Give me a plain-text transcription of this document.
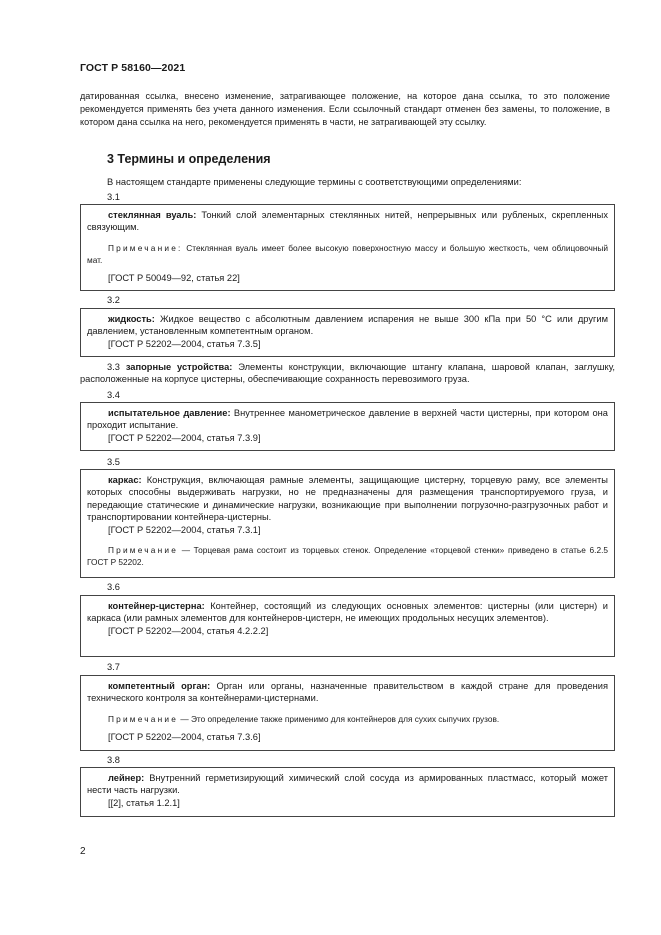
ГОСТ Р 58160—2021
датированная ссылка, внесено изменение, затрагивающее положение, на которое дана ссылка, то это положение рекомендуется применять без учета данного изменения. Если ссылочный стандарт отменен без замены, то положение, в котором дана ссылка на него, рекомендуется применять в части, не затрагивающей эту ссылку.
3 Термины и определения
В настоящем стандарте применены следующие термины с соответствующими определениями:
3.1

стеклянная вуаль: Тонкий слой элементарных стеклянных нитей, непрерывных или рубленых, скрепленных связующим.

Примечание: Стеклянная вуаль имеет более высокую поверхностную массу и большую жесткость, чем облицовочный мат.

[ГОСТ Р 50049—92, статья 22]

3.2

жидкость: Жидкое вещество с абсолютным давлением испарения не выше 300 кПа при 50 °С или другим давлением, установленным компетентным органом.

[ГОСТ Р 52202—2004, статья 7.3.5]

3.3 запорные устройства: Элементы конструкции, включающие штангу клапана, шаровой клапан, заглушку, расположенные на корпусе цистерны, обеспечивающие сохранность перевозимого груза.

3.4

испытательное давление: Внутреннее манометрическое давление в верхней части цистерны, при котором она проходит испытание.

[ГОСТ Р 52202—2004, статья 7.3.9]

3.5

каркас: Конструкция, включающая рамные элементы, защищающие цистерну, торцевую раму, все элементы которых способны выдерживать нагрузки, но не предназначены для размещения транспортируемого груза, и передающие статические и динамические нагрузки, возникающие при выполнении погрузочно-разгрузочных работ и транспортировании контейнера-цистерны.

[ГОСТ Р 52202—2004, статья 7.3.1]

Примечание — Торцевая рама состоит из торцевых стенок. Определение «торцевой стенки» приведено в статье 6.2.5 ГОСТ Р 52202.

3.6

контейнер-цистерна: Контейнер, состоящий из следующих основных элементов: цистерны (или цистерн) и каркаса (или рамных элементов для контейнеров-цистерн, не имеющих продольных несущих элементов).

[ГОСТ Р 52202—2004, статья 4.2.2.2]

3.7

компетентный орган: Орган или органы, назначенные правительством в каждой стране для проведения технического контроля за контейнерами-цистернами.

Примечание — Это определение также применимо для контейнеров для сухих сыпучих грузов.

[ГОСТ Р 52202—2004, статья 7.3.6]

3.8

лейнер: Внутренний герметизирующий химический слой сосуда из армированных пластмасс, который может нести часть нагрузки.

[[2], статья 1.2.1]

2
